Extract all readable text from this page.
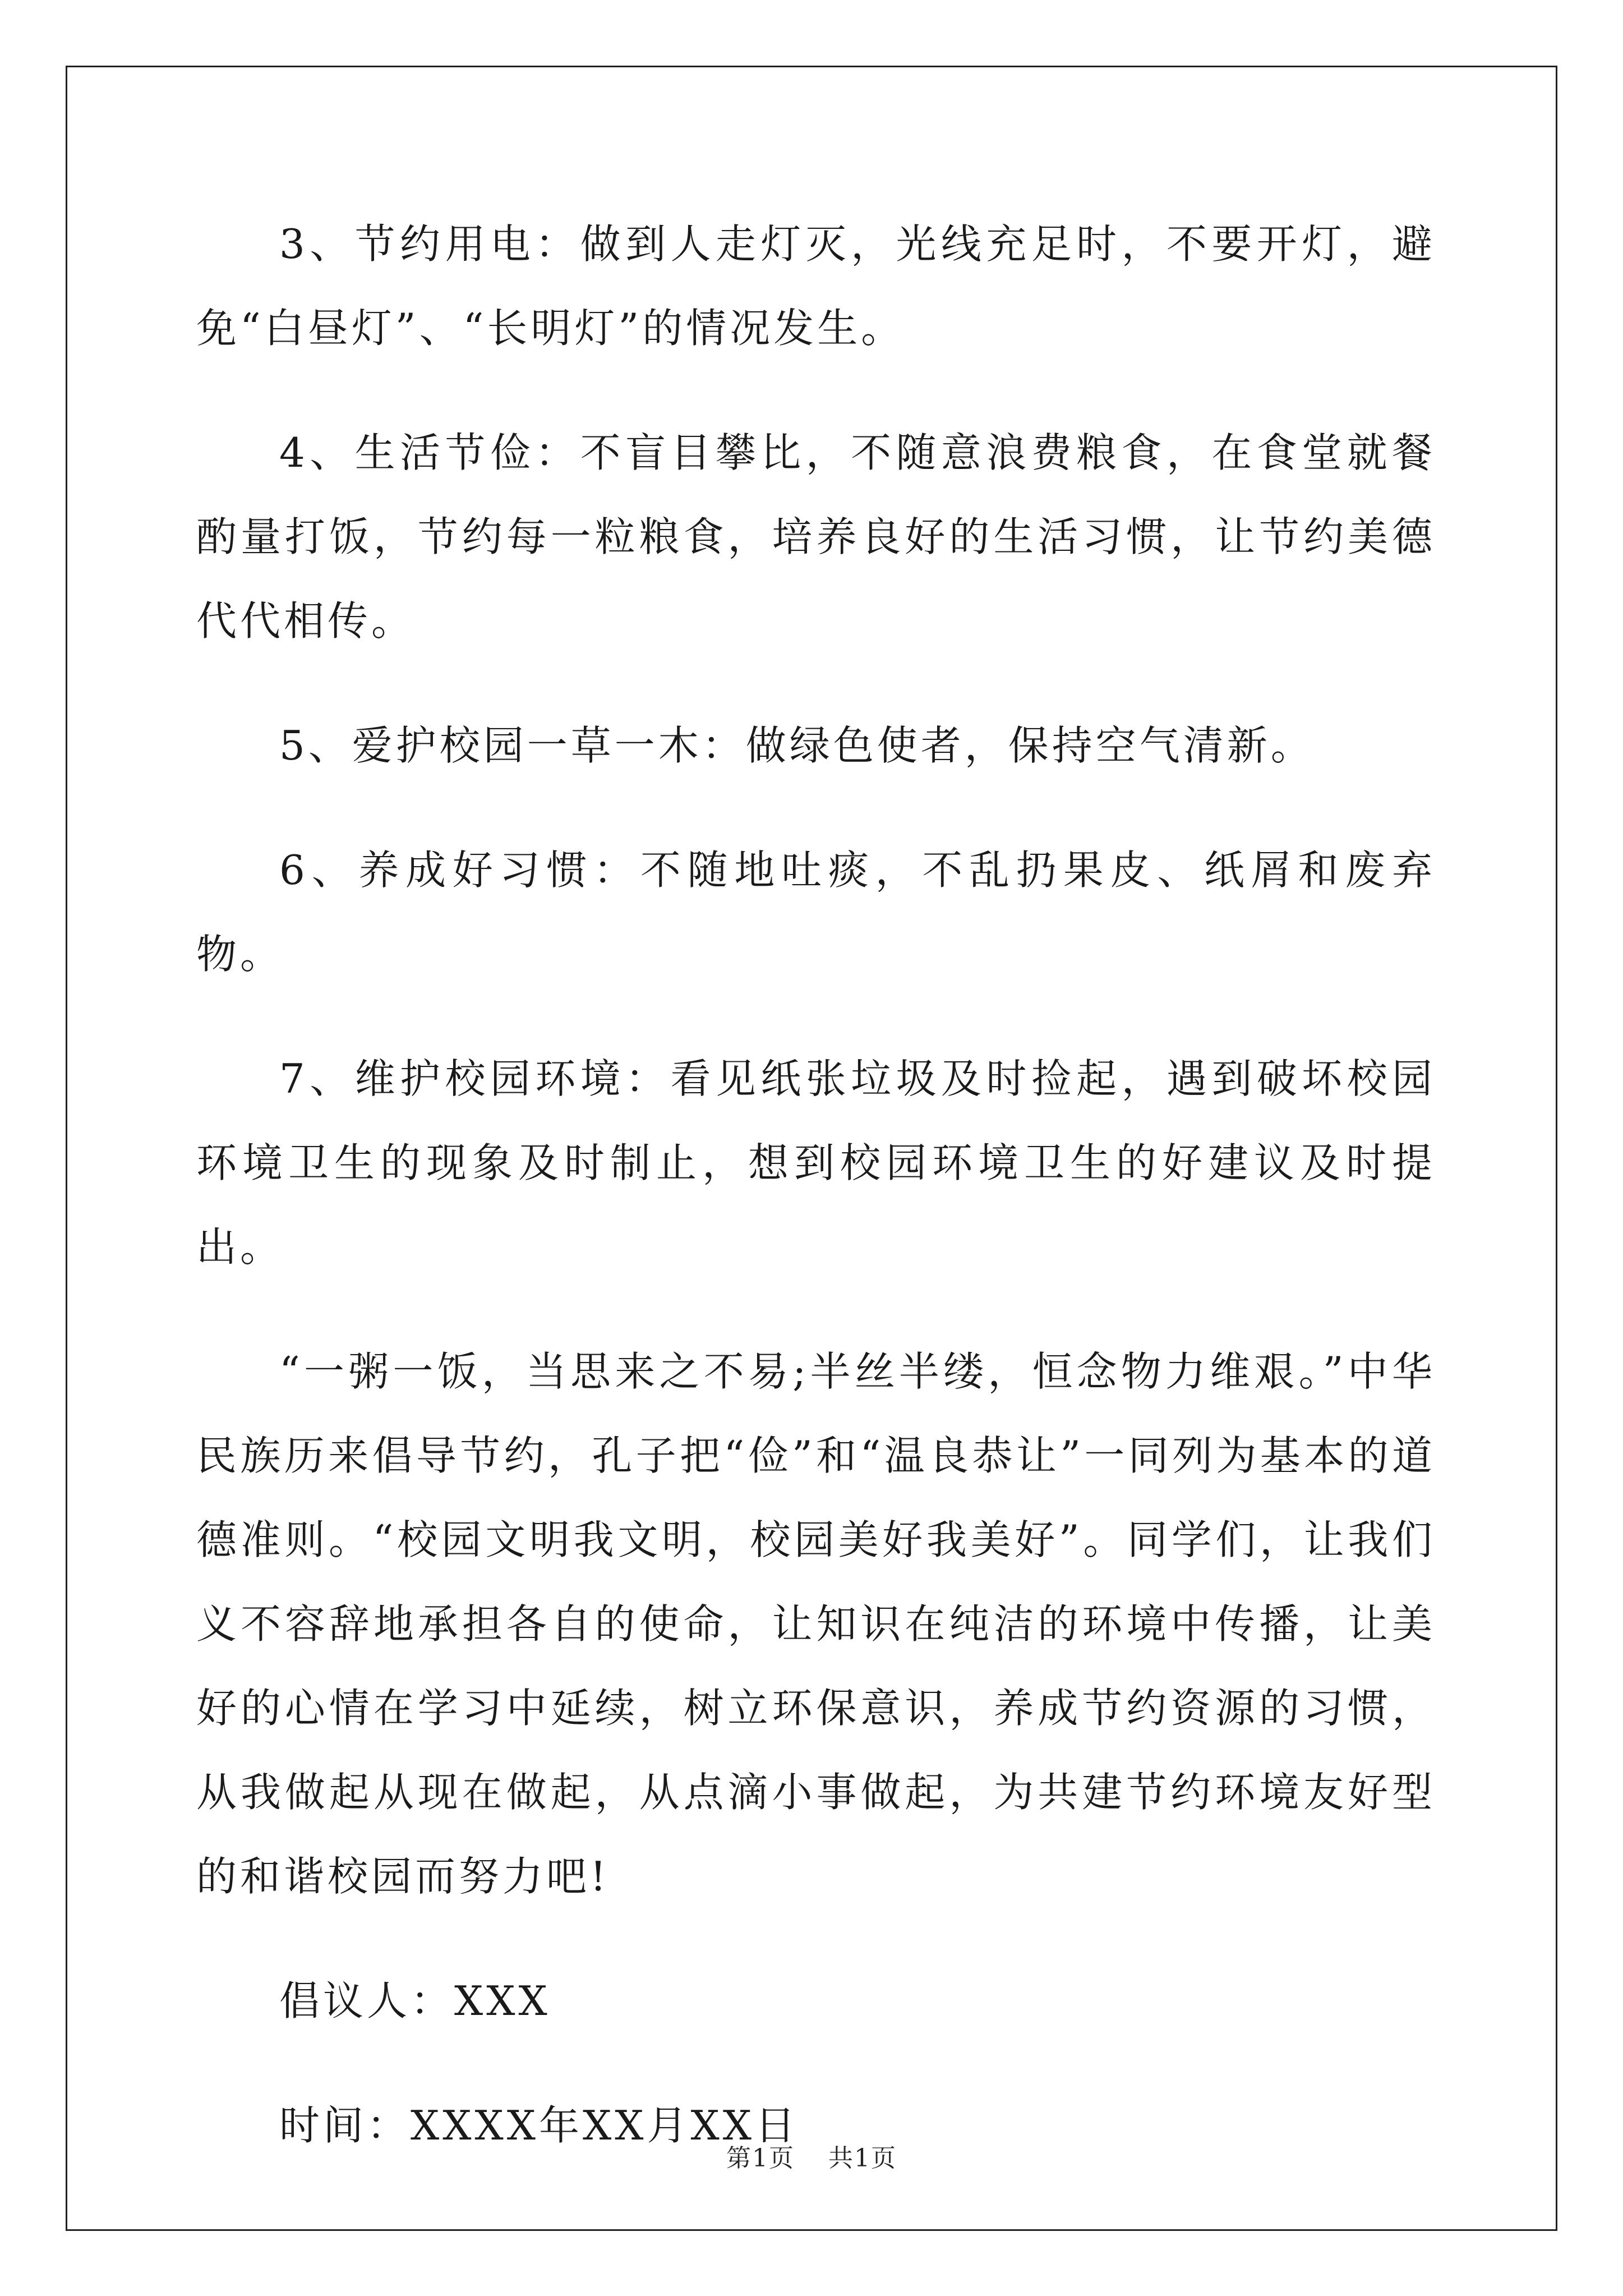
3、节约用电：做到人走灯灭，光线充足时，不要开灯，避免“白昼灯”、“长明灯”的情况发生。

4、生活节俭：不盲目攀比，不随意浪费粮食，在食堂就餐酌量打饭，节约每一粒粮食，培养良好的生活习惯，让节约美德代代相传。

5、爱护校园一草一木：做绿色使者，保持空气清新。

6、养成好习惯：不随地吐痰，不乱扔果皮、纸屑和废弃物。

7、维护校园环境：看见纸张垃圾及时捡起，遇到破坏校园环境卫生的现象及时制止，想到校园环境卫生的好建议及时提出。

“一粥一饭，当思来之不易;半丝半缕，恒念物力维艰。”中华民族历来倡导节约，孔子把“俭”和“温良恭让”一同列为基本的道德准则。“校园文明我文明，校园美好我美好”。同学们，让我们义不容辞地承担各自的使命，让知识在纯洁的环境中传播，让美好的心情在学习中延续，树立环保意识，养成节约资源的习惯，从我做起从现在做起，从点滴小事做起，为共建节约环境友好型的和谐校园而努力吧!

倡议人：XXX

时间：XXXX年XX月XX日

第1页 共1页
